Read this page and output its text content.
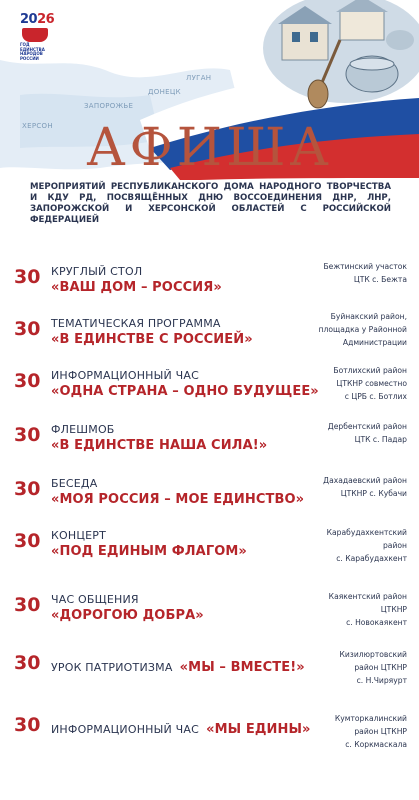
2026
ГОД
ЕДИНСТВА
НАРОДОВ
РОССИИ
ЛУГАН
ДОНЕЦК
ЗАПОРОЖЬЕ
ХЕРСОН АФИША
МЕРОПРИЯТИЙ РЕСПУБЛИКАНСКОГО ДОМА НАРОДНОГО ТВОРЧЕСТВА И КДУ РД, ПОСВЯЩЁННЫХ ДНЮ ВОССОЕДИНЕНИЯ ДНР, ЛНР, ЗАПОРОЖСКОЙ И ХЕРСОНСКОЙ ОБЛАСТЕЙ С РОССИЙСКОЙ ФЕДЕРАЦИЕЙ
30 КРУГЛЫЙ СТОЛ
«ВАШ ДОМ – РОССИЯ»
Бежтинский участок
ЦТК с. Бежта
30 ТЕМАТИЧЕСКАЯ ПРОГРАММА
«В ЕДИНСТВЕ С РОССИЕЙ»
Буйнакский район,
площадка у Районной
Администрации
30 ИНФОРМАЦИОННЫЙ ЧАС
«ОДНА СТРАНА – ОДНО БУДУЩЕЕ»
Ботлихский район
ЦТКНР совместно
с ЦРБ с. Ботлих
30 ФЛЕШМОБ
«В ЕДИНСТВЕ НАША СИЛА!»
Дербентский район
ЦТК с. Падар
30 БЕСЕДА
«МОЯ РОССИЯ – МОЕ ЕДИНСТВО»
Дахадаевский район
ЦТКНР с. Кубачи
30 КОНЦЕРТ
«ПОД ЕДИНЫМ ФЛАГОМ»
Карабудахкентский
район
с. Карабудахкент
30 ЧАС ОБЩЕНИЯ
«ДОРОГОЮ ДОБРА»
Каякентский район
ЦТКНР
с. Новокаякент
30 УРОК ПАТРИОТИЗМА «МЫ – ВМЕСТЕ!»
Кизилюртовский
район ЦТКНР
с. Н.Чиряурт
30 ИНФОРМАЦИОННЫЙ ЧАС «МЫ ЕДИНЫ»
Кумторкалинский
район ЦТКНР
с. Коркмаскала
